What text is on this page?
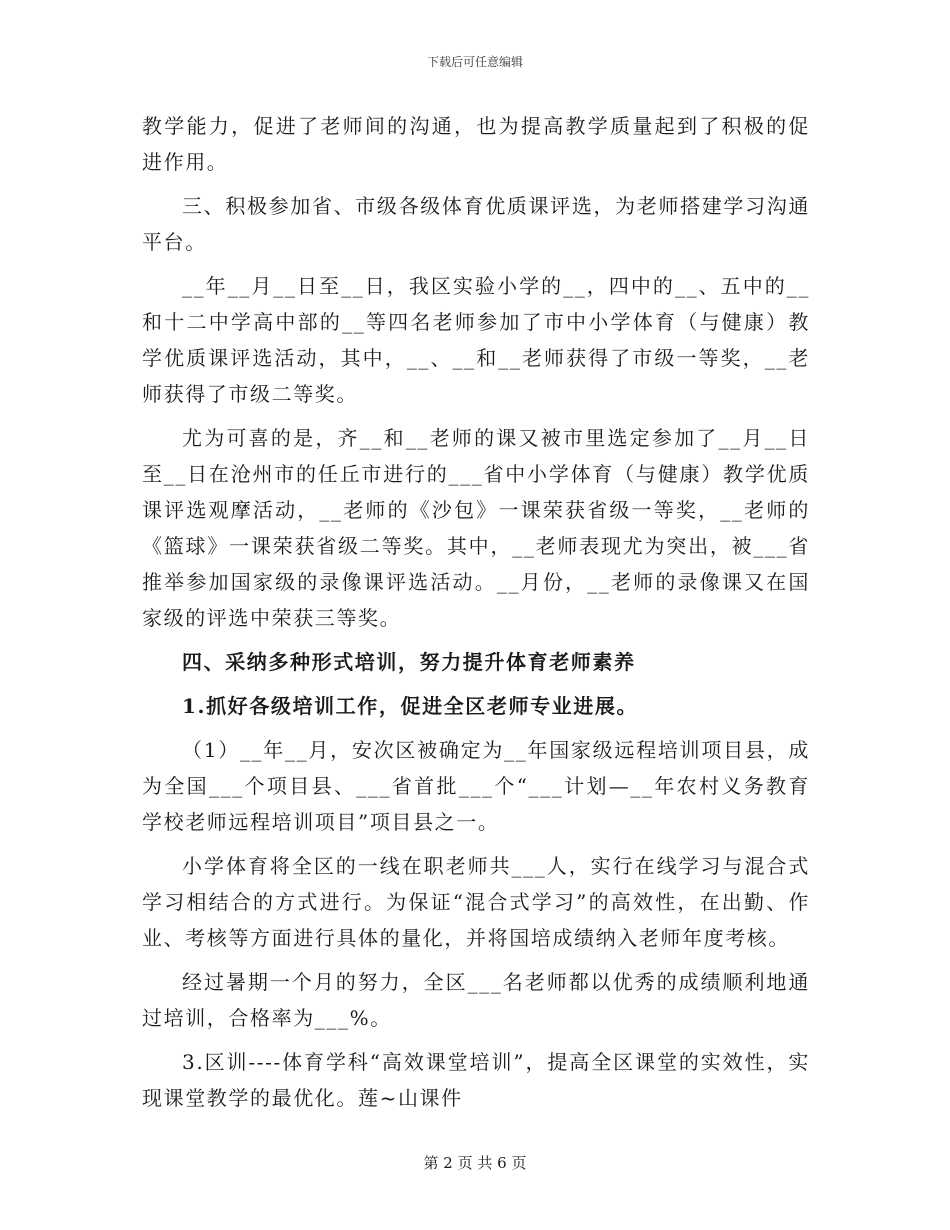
下载后可任意编辑

教学能力，促进了老师间的沟通，也为提高教学质量起到了积极的促进作用。

三、积极参加省、市级各级体育优质课评选，为老师搭建学习沟通平台。

__年__月__日至__日，我区实验小学的__，四中的__、五中的__和十二中学高中部的__等四名老师参加了市中小学体育（与健康）教学优质课评选活动，其中，__、__和__老师获得了市级一等奖，__老师获得了市级二等奖。

尤为可喜的是，齐__和__老师的课又被市里选定参加了__月__日至__日在沧州市的任丘市进行的___省中小学体育（与健康）教学优质课评选观摩活动，__老师的《沙包》一课荣获省级一等奖，__老师的《篮球》一课荣获省级二等奖。其中，__老师表现尤为突出，被___省推举参加国家级的录像课评选活动。__月份，__老师的录像课又在国家级的评选中荣获三等奖。

四、采纳多种形式培训，努力提升体育老师素养

1.抓好各级培训工作，促进全区老师专业进展。

（1）__年__月，安次区被确定为__年国家级远程培训项目县，成为全国___个项目县、___省首批___个“___计划—__年农村义务教育学校老师远程培训项目”项目县之一。

小学体育将全区的一线在职老师共___人，实行在线学习与混合式学习相结合的方式进行。为保证“混合式学习”的高效性，在出勤、作业、考核等方面进行具体的量化，并将国培成绩纳入老师年度考核。

经过暑期一个月的努力，全区___名老师都以优秀的成绩顺利地通过培训，合格率为___%。

3.区训----体育学科“高效课堂培训”，提高全区课堂的实效性，实现课堂教学的最优化。莲~山课件

第 2 页 共 6 页
